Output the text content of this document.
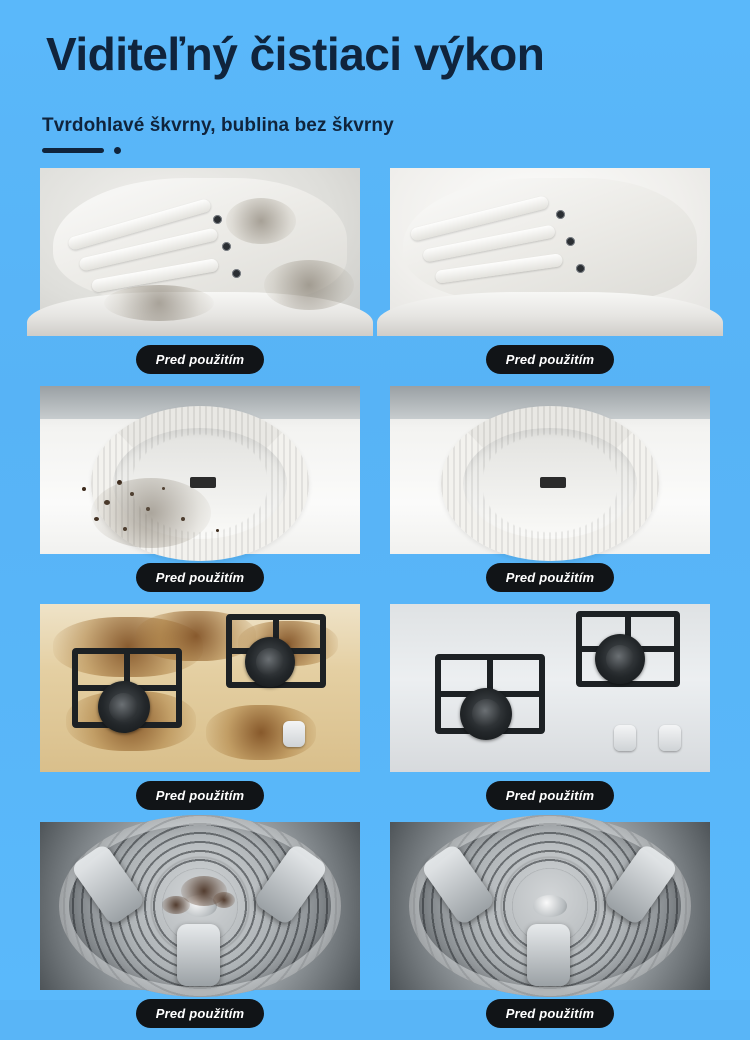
Viditeľný čistiaci výkon
Tvrdohlavé škvrny, bublina bez škvrny
Pred použitím	Pred použitím
Pred použitím	Pred použitím
Pred použitím	Pred použitím
Pred použitím	Pred použitím
